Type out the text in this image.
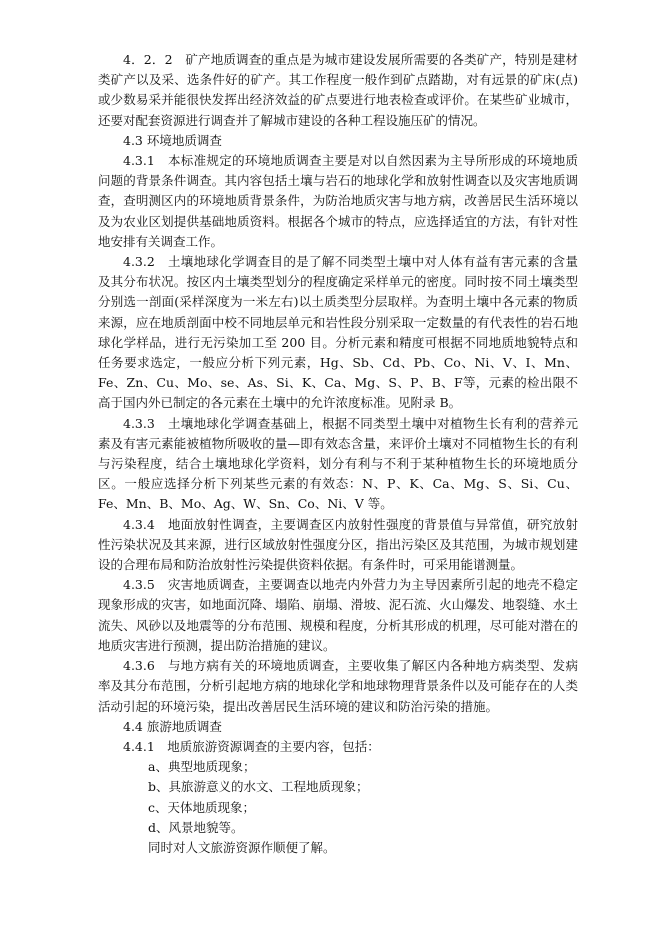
4．2．2　矿产地质调查的重点是为城市建设发展所需要的各类矿产，特别是建材类矿产以及采、选条件好的矿产。其工作程度一般作到矿点踏勘，对有远景的矿床(点)或少数易采并能很快发挥出经济效益的矿点要进行地表检查或评价。在某些矿业城市，还要对配套资源进行调查并了解城市建设的各种工程设施压矿的情况。

4.3 环境地质调查

4.3.1　本标准规定的环境地质调查主要是对以自然因素为主导所形成的环境地质问题的背景条件调查。其内容包括土壤与岩石的地球化学和放射性调查以及灾害地质调查，查明测区内的环境地质背景条件，为防治地质灾害与地方病，改善居民生活环境以及为农业区划提供基础地质资料。根据各个城市的特点，应选择适宜的方法，有针对性地安排有关调查工作。

4.3.2　土壤地球化学调查目的是了解不同类型土壤中对人体有益有害元素的含量及其分布状况。按区内土壤类型划分的程度确定采样单元的密度。同时按不同土壤类型分别选一剖面(采样深度为一米左右)以土质类型分层取样。为查明土壤中各元素的物质来源，应在地质剖面中校不同地层单元和岩性段分别采取一定数量的有代表性的岩石地球化学样品，进行无污染加工至 200 目。分析元素和精度可根据不同地质地貌特点和任务要求选定，一般应分析下列元素，Hg、Sb、Cd、Pb、Co、Ni、V、I、Mn、Fe、Zn、Cu、Mo、se、As、Si、K、Ca、Mg、S、P、B、F等，元素的检出限不高于国内外已制定的各元素在土壤中的允许浓度标准。见附录 B。

4.3.3　土壤地球化学调查基础上，根据不同类型土壤中对植物生长有利的营养元素及有害元素能被植物所吸收的量—即有效态含量，来评价土壤对不同植物生长的有利与污染程度，结合土壤地球化学资料，划分有利与不利于某种植物生长的环境地质分区。一般应选择分析下列某些元素的有效态：N、P、K、Ca、Mg、S、Si、Cu、Fe、Mn、B、Mo、Ag、W、Sn、Co、Ni、V 等。

4.3.4　地面放射性调查，主要调查区内放射性强度的背景值与异常值，研究放射性污染状况及其来源，进行区域放射性强度分区，指出污染区及其范围，为城市规划建设的合理布局和防治放射性污染提供资料依据。有条件时，可采用能谱测量。

4.3.5　灾害地质调查，主要调查以地壳内外营力为主导因素所引起的地壳不稳定现象形成的灾害，如地面沉降、塌陷、崩塌、滑坡、泥石流、火山爆发、地裂缝、水土流失、风砂以及地震等的分布范围、规模和程度，分析其形成的机理，尽可能对潜在的地质灾害进行预测，提出防治措施的建议。

4.3.6　与地方病有关的环境地质调查，主要收集了解区内各种地方病类型、发病率及其分布范围，分析引起地方病的地球化学和地球物理背景条件以及可能存在的人类活动引起的环境污染，提出改善居民生活环境的建议和防治污染的措施。

4.4 旅游地质调查

4.4.1　地质旅游资源调查的主要内容，包括：

a、典型地质现象；

b、具旅游意义的水文、工程地质现象；

c、天体地质现象；

d、风景地貌等。

同时对人文旅游资源作顺便了解。
